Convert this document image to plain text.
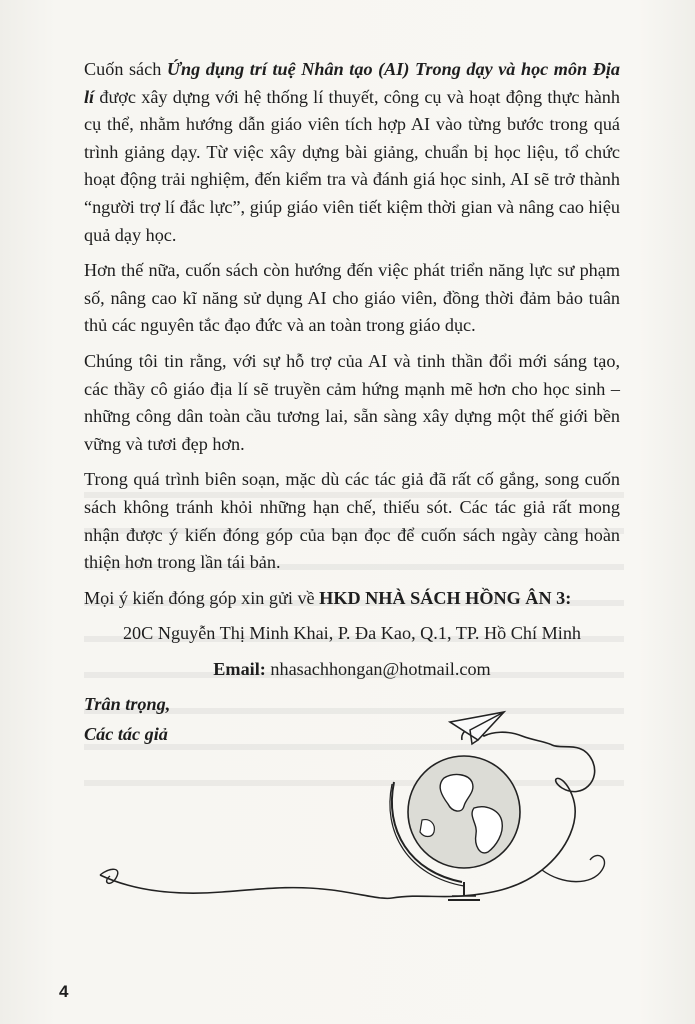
Cuốn sách Ứng dụng trí tuệ Nhân tạo (AI) Trong dạy và học môn Địa lí được xây dựng với hệ thống lí thuyết, công cụ và hoạt động thực hành cụ thể, nhằm hướng dẫn giáo viên tích hợp AI vào từng bước trong quá trình giảng dạy. Từ việc xây dựng bài giảng, chuẩn bị học liệu, tổ chức hoạt động trải nghiệm, đến kiểm tra và đánh giá học sinh, AI sẽ trở thành “người trợ lí đắc lực”, giúp giáo viên tiết kiệm thời gian và nâng cao hiệu quả dạy học.

Hơn thế nữa, cuốn sách còn hướng đến việc phát triển năng lực sư phạm số, nâng cao kĩ năng sử dụng AI cho giáo viên, đồng thời đảm bảo tuân thủ các nguyên tắc đạo đức và an toàn trong giáo dục.

Chúng tôi tin rằng, với sự hỗ trợ của AI và tinh thần đổi mới sáng tạo, các thầy cô giáo địa lí sẽ truyền cảm hứng mạnh mẽ hơn cho học sinh – những công dân toàn cầu tương lai, sẵn sàng xây dựng một thế giới bền vững và tươi đẹp hơn.

Trong quá trình biên soạn, mặc dù các tác giả đã rất cố gắng, song cuốn sách không tránh khỏi những hạn chế, thiếu sót. Các tác giả rất mong nhận được ý kiến đóng góp của bạn đọc để cuốn sách ngày càng hoàn thiện hơn trong lần tái bản.

Mọi ý kiến đóng góp xin gửi về HKD NHÀ SÁCH HỒNG ÂN 3:

20C Nguyễn Thị Minh Khai, P. Đa Kao, Q.1, TP. Hồ Chí Minh

Email: nhasachhongan@hotmail.com

Trân trọng,

Các tác giả

4
